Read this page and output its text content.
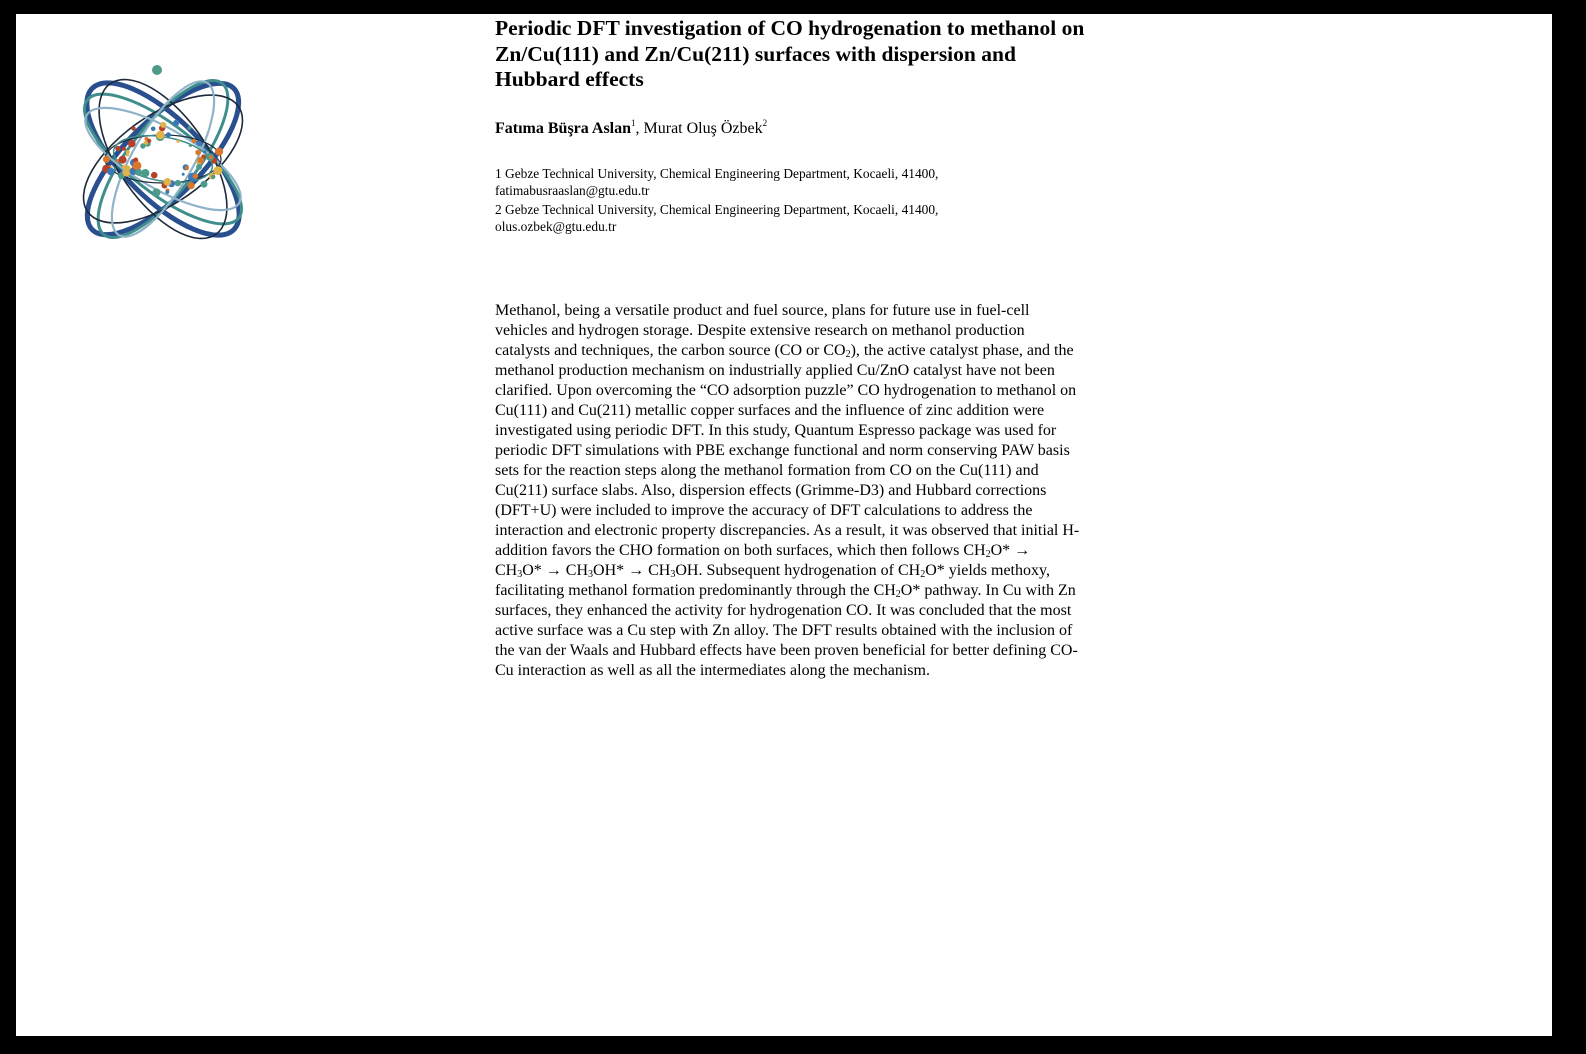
Periodic DFT investigation of CO hydrogenation to methanol on Zn/Cu(111) and Zn/Cu(211) surfaces with dispersion and Hubbard effects
Fatıma Büşra Aslan$^1$, Murat Oluş Özbek$^2$
1 Gebze Technical University, Chemical Engineering Department, Kocaeli, 41400,
fatimabusraaslan@gtu.edu.tr
2 Gebze Technical University, Chemical Engineering Department, Kocaeli, 41400,
olus.ozbek@gtu.edu.tr

Methanol, being a versatile product and fuel source, plans for future use in fuel-cell vehicles and hydrogen storage. Despite extensive research on methanol production catalysts and techniques, the carbon source (CO or $CO_2$), the active catalyst phase, and the methanol production mechanism on industrially applied Cu/ZnO catalyst have not been clarified. Upon overcoming the “CO adsorption puzzle” CO hydrogenation to methanol on Cu(111) and Cu(211) metallic copper surfaces and the influence of zinc addition were investigated using periodic DFT. In this study, Quantum Espresso package was used for periodic DFT simulations with PBE exchange functional and norm conserving PAW basis sets for the reaction steps along the methanol formation from CO on the Cu(111) and Cu(211) surface slabs. Also, dispersion effects (Grimme-D3) and Hubbard corrections (DFT+U) were included to improve the accuracy of DFT calculations to address the interaction and electronic property discrepancies. As a result, it was observed that initial H-addition favors the CHO formation on both surfaces, which then follows $CH_2O* \to CH_3O* \to CH_3OH* \to CH_3OH$. Subsequent hydrogenation of $CH_2O*$ yields methoxy, facilitating methanol formation predominantly through the $CH_2O*$ pathway. In Cu with Zn surfaces, they enhanced the activity for hydrogenation CO. It was concluded that the most active surface was a Cu step with Zn alloy. The DFT results obtained with the inclusion of the van der Waals and Hubbard effects have been proven beneficial for better defining CO-Cu interaction as well as all the intermediates along the mechanism.
